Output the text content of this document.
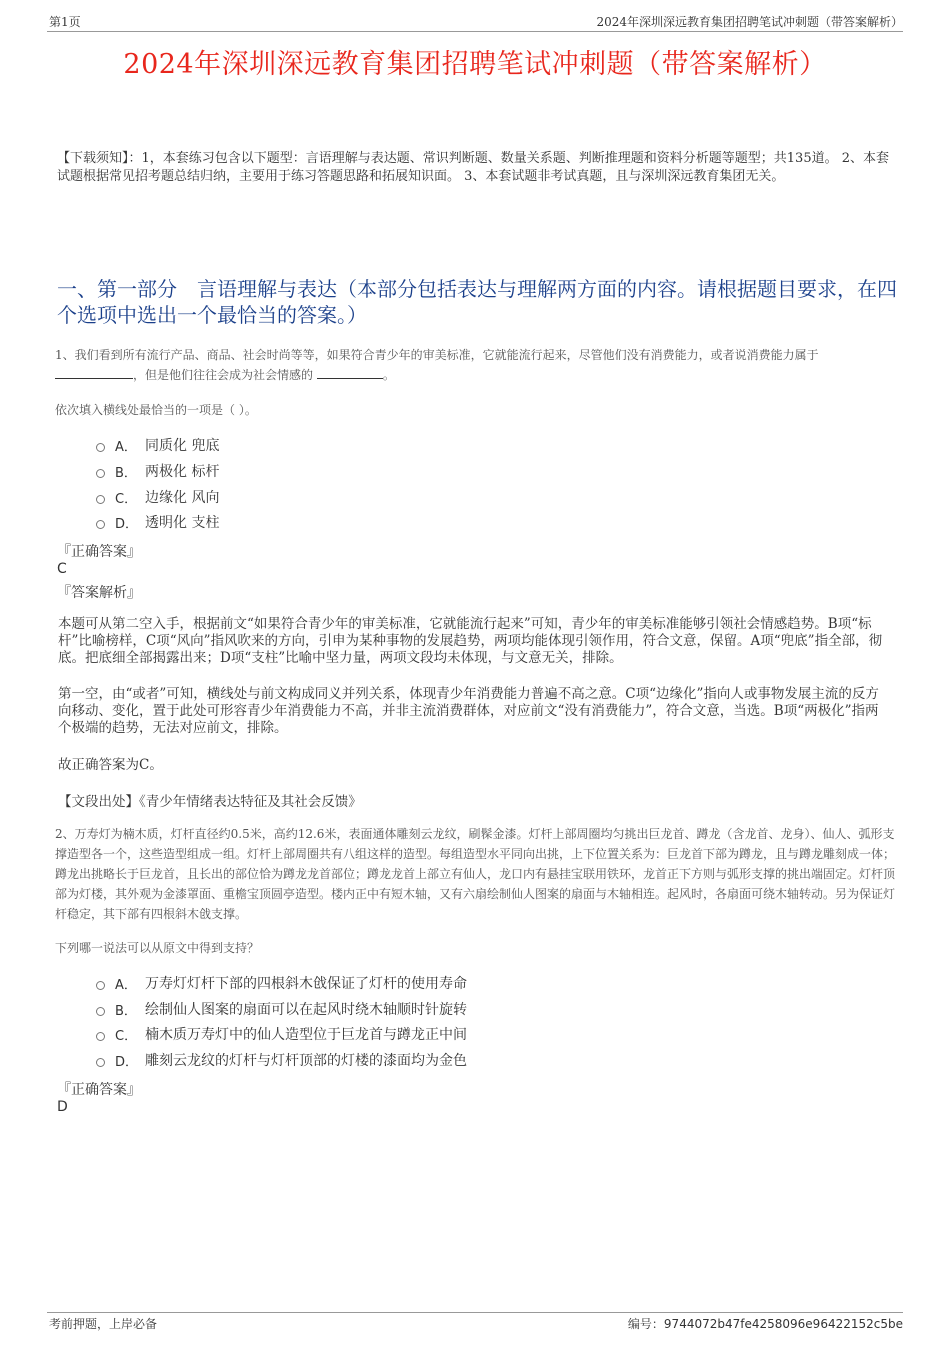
第1页	2024年深圳深远教育集团招聘笔试冲刺题（带答案解析）
2024年深圳深远教育集团招聘笔试冲刺题（带答案解析）
【下载须知】：1，本套练习包含以下题型：言语理解与表达题、常识判断题、数量关系题、判断推理题和资料分析题等题型；共135道。 2、本套试题根据常见招考题总结归纳，主要用于练习答题思路和拓展知识面。 3、本套试题非考试真题，且与深圳深远教育集团无关。
一、第一部分　言语理解与表达（本部分包括表达与理解两方面的内容。请根据题目要求，在四个选项中选出一个最恰当的答案。）
1、我们看到所有流行产品、商品、社会时尚等等，如果符合青少年的审美标准，它就能流行起来，尽管他们没有消费能力，或者说消费能力属于 ，但是他们往往会成为社会情感的	。
依次填入横线处最恰当的一项是（ ）。
A． 同质化 兜底
B． 两极化 标杆
C． 边缘化 风向
D． 透明化 支柱
『正确答案』
C
『答案解析』
本题可从第二空入手，根据前文“如果符合青少年的审美标准，它就能流行起来”可知，青少年的审美标准能够引领社会情感趋势。B项“标杆”比喻榜样，C项“风向”指风吹来的方向，引申为某种事物的发展趋势，两项均能体现引领作用，符合文意，保留。A项“兜底”指全部，彻底。把底细全部揭露出来；D项“支柱”比喻中坚力量，两项文段均未体现，与文意无关，排除。
第一空，由“或者”可知，横线处与前文构成同义并列关系，体现青少年消费能力普遍不高之意。C项“边缘化”指向人或事物发展主流的反方向移动、变化，置于此处可形容青少年消费能力不高，并非主流消费群体，对应前文“没有消费能力”，符合文意，当选。B项“两极化”指两个极端的趋势，无法对应前文，排除。
故正确答案为C。
【文段出处】《青少年情绪表达特征及其社会反馈》
2、万寿灯为楠木质，灯杆直径约0.5米，高约12.6米，表面通体雕刻云龙纹，刷髹金漆。灯杆上部周圈均匀挑出巨龙首、蹲龙（含龙首、龙身）、仙人、弧形支撑造型各一个，这些造型组成一组。灯杆上部周圈共有八组这样的造型。每组造型水平同向出挑，上下位置关系为：巨龙首下部为蹲龙，且与蹲龙雕刻成一体；蹲龙出挑略长于巨龙首，且长出的部位恰为蹲龙龙首部位；蹲龙龙首上部立有仙人，龙口内有悬挂宝联用铁环，龙首正下方则与弧形支撑的挑出端固定。灯杆顶部为灯楼，其外观为金漆罩面、重檐宝顶圆亭造型。楼内正中有短木轴，又有六扇绘制仙人图案的扇面与木轴相连。起风时，各扇面可绕木轴转动。另为保证灯杆稳定，其下部有四根斜木戗支撑。
下列哪一说法可以从原文中得到支持？
A． 万寿灯灯杆下部的四根斜木戗保证了灯杆的使用寿命
B． 绘制仙人图案的扇面可以在起风时绕木轴顺时针旋转
C． 楠木质万寿灯中的仙人造型位于巨龙首与蹲龙正中间
D． 雕刻云龙纹的灯杆与灯杆顶部的灯楼的漆面均为金色
『正确答案』
D
考前押题，上岸必备	编号：9744072b47fe4258096e96422152c5be
